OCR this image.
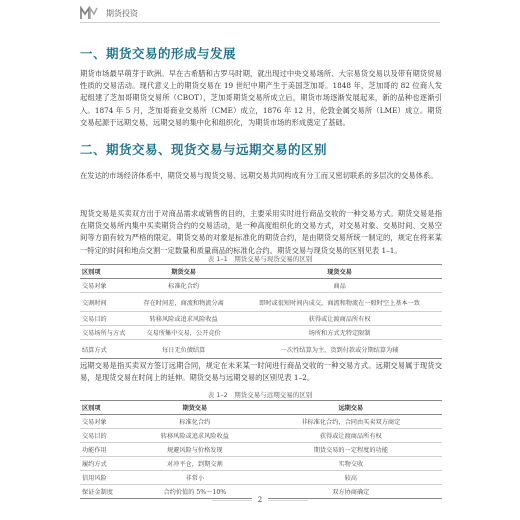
期货投资
一、期货交易的形成与发展

期货市场最早萌芽于欧洲。早在古希腊和古罗马时期，就出现过中央交易场所、大宗易货交易以及带有期货贸易性质的交易活动。现代意义上的期货交易在 19 世纪中期产生于美国芝加哥。1848 年，芝加哥的 82 位商人发起组建了芝加哥期货交易所（CBOT），芝加哥期货交易所成立后，期货市场逐渐发展起来，新的品种也逐渐引入。1874 年 5 月，芝加哥商业交易所（CME）成立，1876 年 12 月，伦敦金属交易所（LME）成立。期货交易起源于远期交易，远期交易的集中化和组织化，为期货市场的形成奠定了基础。

二、期货交易、现货交易与远期交易的区别

在发达的市场经济体系中，期货交易与现货交易、远期交易共同构成有分工而又密切联系的多层次的交易体系。

现货交易是买卖双方出于对商品需求或销售的目的，主要采用实时进行商品交收的一种交易方式。期货交易是指在期货交易所内集中买卖期货合约的交易活动，是一种高度组织化的交易方式，对交易对象、交易时间、交易空间等方面有较为严格的限定。期货交易的对象是标准化的期货合约，是由期货交易所统一制定的，规定在将来某一特定的时间和地点交割一定数量和质量商品的标准化合约。期货交易与现货交易的区别见表 1–1。

表 1–1　期货交易与现货交易的区别
区别项	期货交易	现货交易
交易对象	标准化合约	商品
交割时间	存在时间差，商流和物流分离	即时或很短时间内成交，商流和物流在一般时空上基本一致
交易目的	转移风险或追求风险收益	获得或让渡商品所有权
交易场所与方式	交易所集中交易，公开竞价	场所和方式无特定限制
结算方式	每日无负债结算	一次性结算为主，货到付款或分期结算为辅

远期交易是指买卖双方签订远期合同，规定在未来某一时间进行商品交收的一种交易方式。远期交易属于现货交易，是现货交易在时间上的延伸。期货交易与远期交易的区别见表 1–2。

表 1–2　期货交易与远期交易的区别
区别项	期货交易	远期交易
交易对象	标准化合约	非标准化合约，合同由买卖双方商定
交易目的	转移风险或追求风险收益	获得或让渡商品所有权
功能作用	规避风险与价格发现	期货交易的一定程度的功能
履约方式	对冲平仓，到期交割	实物交收
信用风险	非常小	较高
保证金制度	合约价值的 5%～10%	双方协商确定
2
